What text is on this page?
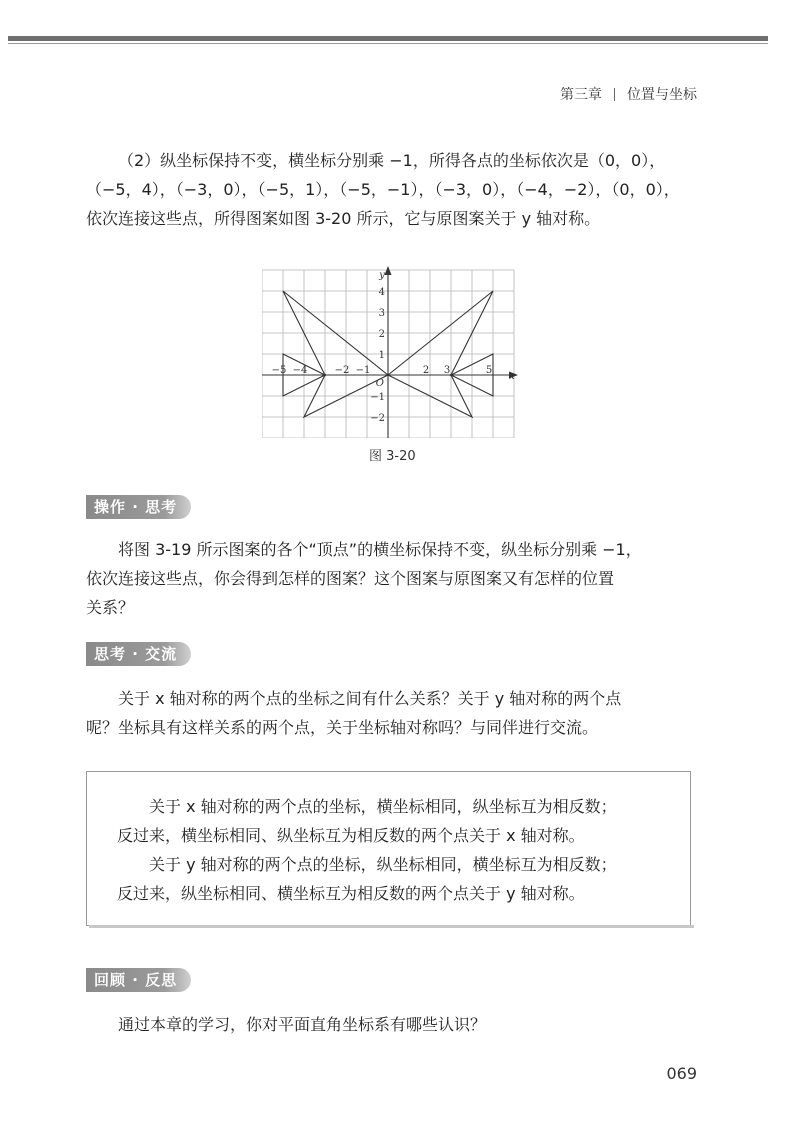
第三章 位置与坐标

（2）纵坐标保持不变，横坐标分别乘 −1，所得各点的坐标依次是（0，0），

（−5，4），（−3，0），（−5，1），（−5，−1），（−3，0），（−4，−2），（0，0），

依次连接这些点，所得图案如图 3-20 所示，它与原图案关于 y 轴对称。

−5 −4	−2 −1	2 3	5
4
3
2
1
−1
−2
O
x
y
图 3-20
操作 · 思考

将图 3-19 所示图案的各个“顶点”的横坐标保持不变，纵坐标分别乘 −1，

依次连接这些点，你会得到怎样的图案？这个图案与原图案又有怎样的位置

关系？

思考 · 交流

关于 x 轴对称的两个点的坐标之间有什么关系？关于 y 轴对称的两个点

呢？坐标具有这样关系的两个点，关于坐标轴对称吗？与同伴进行交流。

关于 x 轴对称的两个点的坐标，横坐标相同，纵坐标互为相反数；

反过来，横坐标相同、纵坐标互为相反数的两个点关于 x 轴对称。

关于 y 轴对称的两个点的坐标，纵坐标相同，横坐标互为相反数；

反过来，纵坐标相同、横坐标互为相反数的两个点关于 y 轴对称。

回顾 · 反思

通过本章的学习，你对平面直角坐标系有哪些认识？

069
